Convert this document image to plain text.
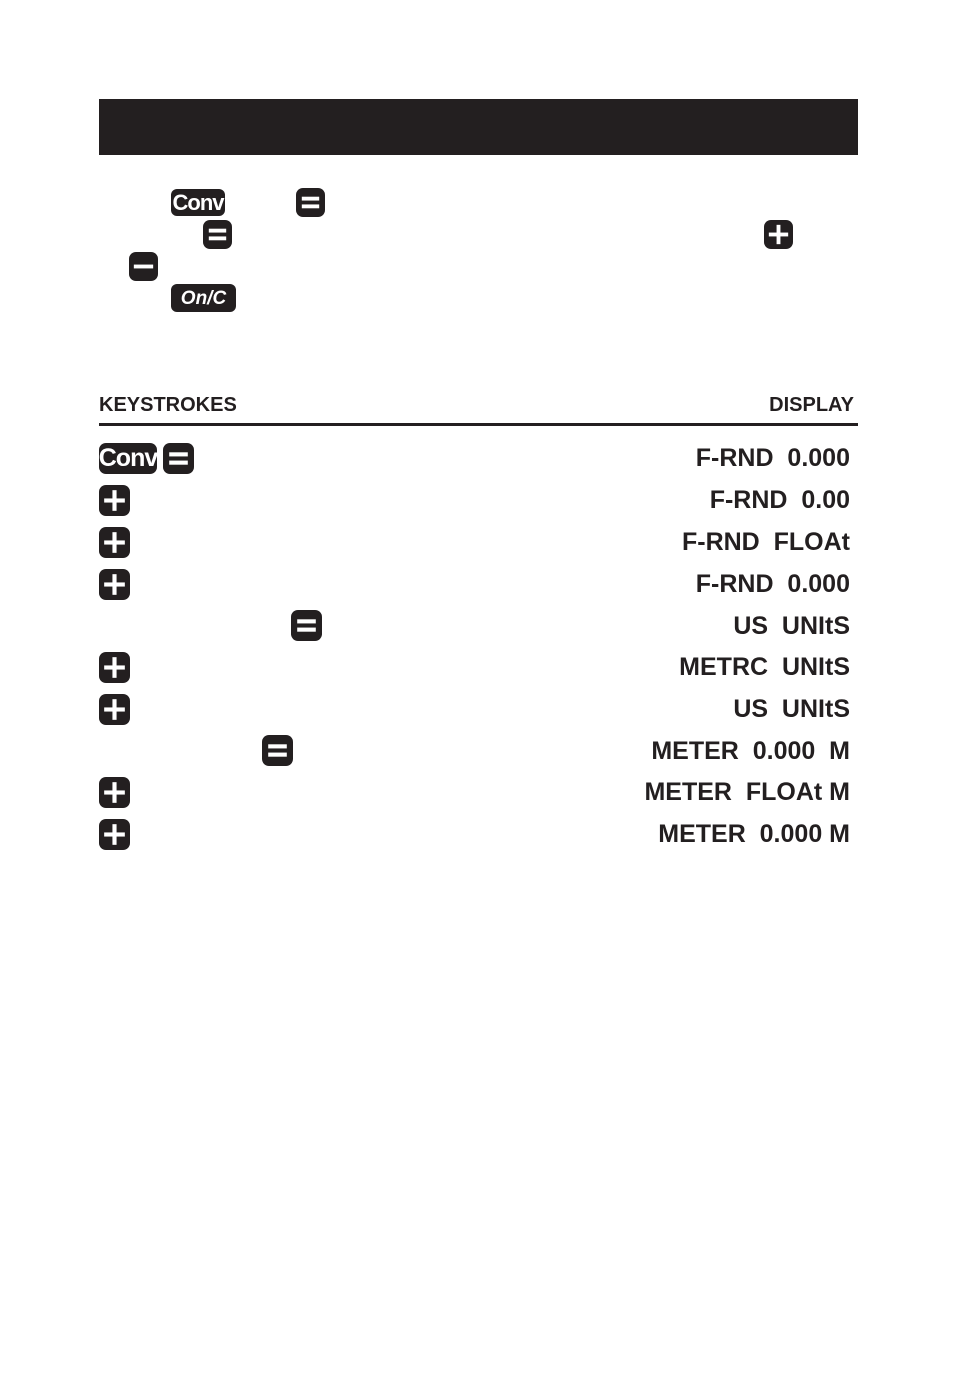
Conv
On/C
KEYSTROKES	DISPLAY
Conv	F-RND  0.000
F-RND  0.00
F-RND  FLOAt
F-RND  0.000
US  UNItS
METRC  UNItS
US  UNItS
METER  0.000  M
METER  FLOAt M
METER  0.000 M
